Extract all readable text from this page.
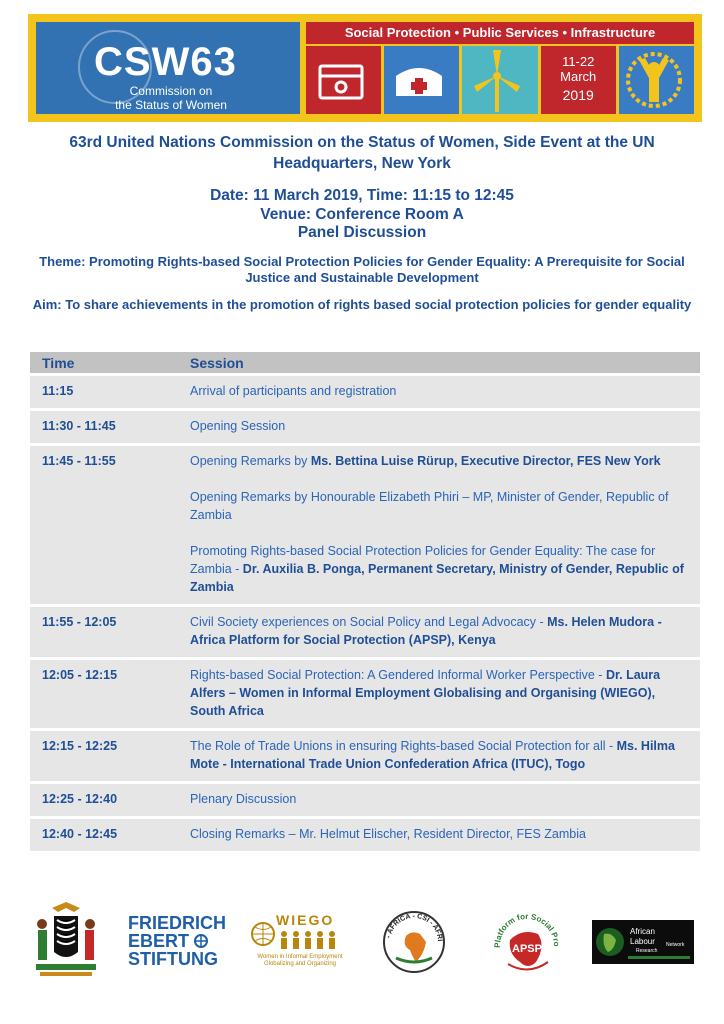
CSW63
Commission on
the Status of Women
Social Protection • Public Services • Infrastructure
11-22
March
2019
63rd United Nations Commission on the Status of Women, Side Event at the UN Headquarters, New York
Date: 11 March 2019, Time: 11:15 to 12:45
Venue: Conference Room A
Panel Discussion
Theme: Promoting Rights-based Social Protection Policies for Gender Equality: A Prerequisite for Social Justice and Sustainable Development
Aim: To share achievements in the promotion of rights based social protection policies for gender equality
Time	Session
11:15	Arrival of participants and registration

11:30 - 11:45	Opening Session

11:45 - 11:55	Opening Remarks by Ms. Bettina Luise Rürup, Executive Director, FES New York
Opening Remarks by Honourable Elizabeth Phiri – MP, Minister of Gender, Republic of Zambia
Promoting Rights-based Social Protection Policies for Gender Equality: The case for Zambia - Dr. Auxilia B. Ponga, Permanent Secretary, Ministry of Gender, Republic of Zambia

11:55 - 12:05	Civil Society experiences on Social Policy and Legal Advocacy - Ms. Helen Mudora - Africa Platform for Social Protection (APSP), Kenya

12:05 - 12:15	Rights-based Social Protection: A Gendered Informal Worker Perspective - Dr. Laura Alfers – Women in Informal Employment Globalising and Organising (WIEGO), South Africa

12:15 - 12:25	The Role of Trade Unions in ensuring Rights-based Social Protection for all - Ms. Hilma Mote - International Trade Union Confederation Africa (ITUC), Togo

12:25 - 12:40	Plenary Discussion

12:40 - 12:45	Closing Remarks – Mr. Helmut Elischer, Resident Director, FES Zambia
FRIEDRICH
EBERT
STIFTUNG
WIEGO
Women in Informal Employment
Globalizing and Organizing
- AFRICA - CSI - AFRI
Platform for Social Pro
APSP
African
Labour
Research
Network
